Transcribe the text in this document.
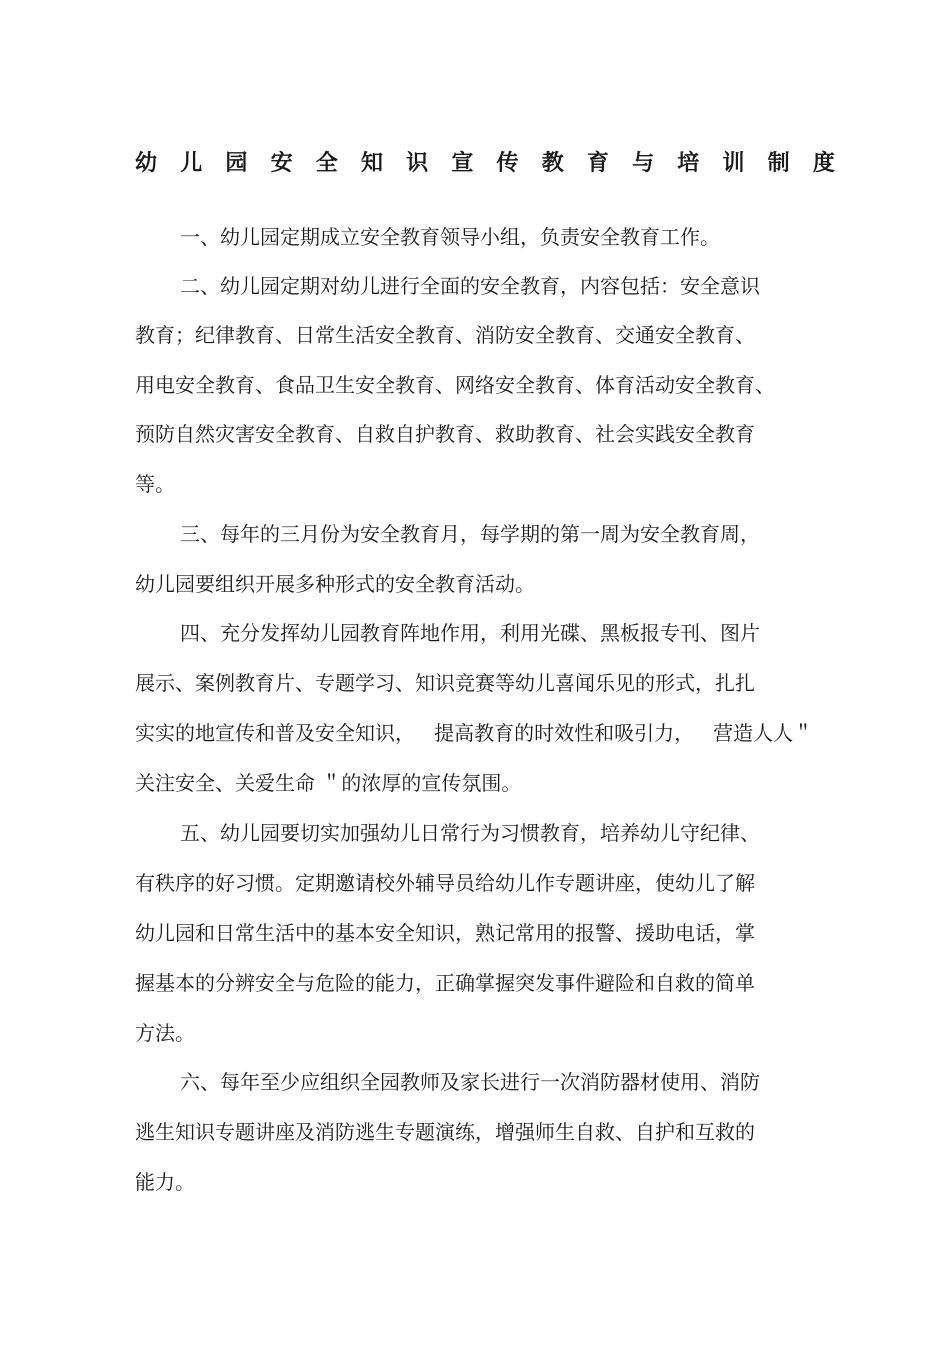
幼 儿 园 安 全 知 识 宣 传 教 育 与 培 训 制 度

一、幼儿园定期成立安全教育领导小组，负责安全教育工作。

二、幼儿园定期对幼儿进行全面的安全教育，内容包括：安全意识

教育；纪律教育、日常生活安全教育、消防安全教育、交通安全教育、

用电安全教育、食品卫生安全教育、网络安全教育、体育活动安全教育、

预防自然灾害安全教育、自救自护教育、救助教育、社会实践安全教育

等。

三、每年的三月份为安全教育月，每学期的第一周为安全教育周，

幼儿园要组织开展多种形式的安全教育活动。

四、充分发挥幼儿园教育阵地作用，利用光碟、黑板报专刊、图片

展示、案例教育片、专题学习、知识竞赛等幼儿喜闻乐见的形式，扎扎

实实的地宣传和普及安全知识，   提高教育的时效性和吸引力，   营造人人＂

关注安全、关爱生命 ＂的浓厚的宣传氛围。

五、幼儿园要切实加强幼儿日常行为习惯教育，培养幼儿守纪律、

有秩序的好习惯。定期邀请校外辅导员给幼儿作专题讲座，使幼儿了解

幼儿园和日常生活中的基本安全知识，熟记常用的报警、援助电话，掌

握基本的分辨安全与危险的能力，正确掌握突发事件避险和自救的简单

方法。

六、每年至少应组织全园教师及家长进行一次消防器材使用、消防

逃生知识专题讲座及消防逃生专题演练，增强师生自救、自护和互救的

能力。
